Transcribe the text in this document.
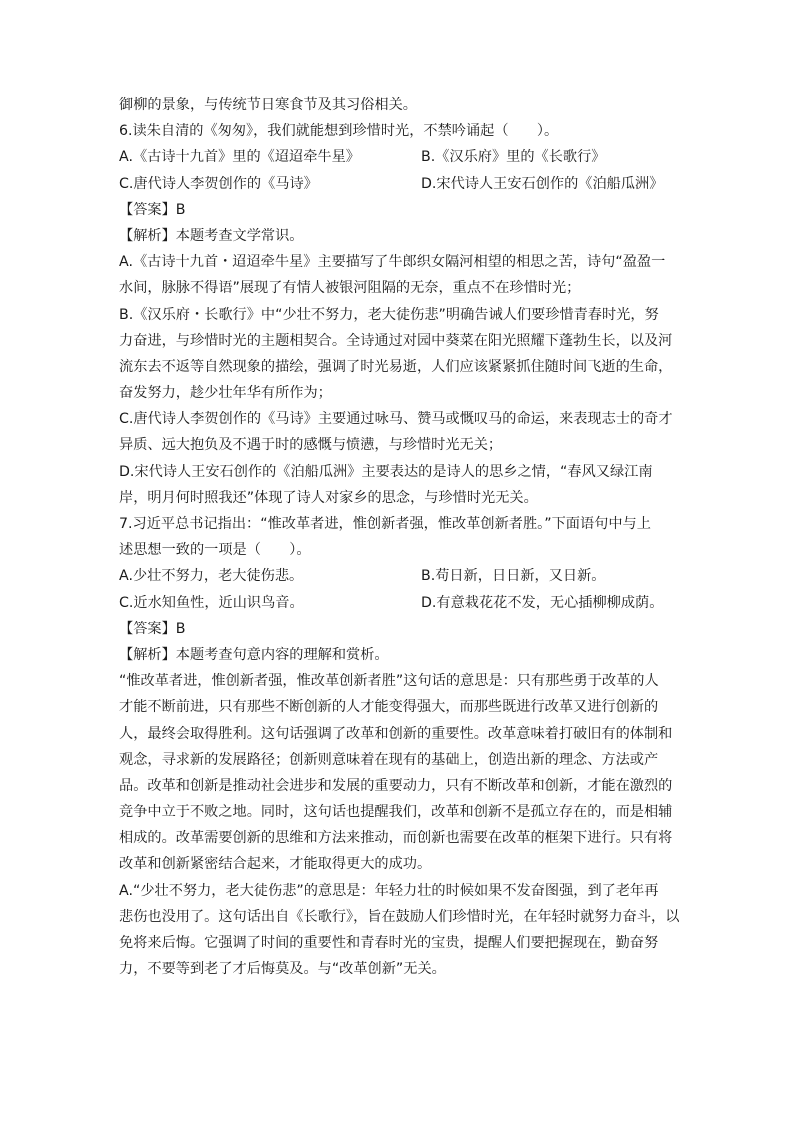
御柳的景象，与传统节日寒食节及其习俗相关。
6.读朱自清的《匆匆》，我们就能想到珍惜时光，不禁吟诵起（　　）。
A.《古诗十九首》里的《迢迢牵牛星》	B.《汉乐府》里的《长歌行》
C.唐代诗人李贺创作的《马诗》	D.宋代诗人王安石创作的《泊船瓜洲》
【答案】B
【解析】本题考查文学常识。
A.《古诗十九首・迢迢牵牛星》主要描写了牛郎织女隔河相望的相思之苦，诗句“盈盈一
水间，脉脉不得语”展现了有情人被银河阻隔的无奈，重点不在珍惜时光；
B.《汉乐府・长歌行》中“少壮不努力，老大徒伤悲”明确告诫人们要珍惜青春时光，努
力奋进，与珍惜时光的主题相契合。全诗通过对园中葵菜在阳光照耀下蓬勃生长，以及河
流东去不返等自然现象的描绘，强调了时光易逝，人们应该紧紧抓住随时间飞逝的生命，
奋发努力，趁少壮年华有所作为；
C.唐代诗人李贺创作的《马诗》主要通过咏马、赞马或慨叹马的命运，来表现志士的奇才
异质、远大抱负及不遇于时的感慨与愤懑，与珍惜时光无关；
D.宋代诗人王安石创作的《泊船瓜洲》主要表达的是诗人的思乡之情，“春风又绿江南
岸，明月何时照我还”体现了诗人对家乡的思念，与珍惜时光无关。
7.习近平总书记指出：“惟改革者进，惟创新者强，惟改革创新者胜。”下面语句中与上
述思想一致的一项是（　　）。
A.少壮不努力，老大徒伤悲。	B.苟日新，日日新，又日新。
C.近水知鱼性，近山识鸟音。	D.有意栽花花不发，无心插柳柳成荫。
【答案】B
【解析】本题考查句意内容的理解和赏析。
“惟改革者进，惟创新者强，惟改革创新者胜”这句话的意思是：只有那些勇于改革的人
才能不断前进，只有那些不断创新的人才能变得强大，而那些既进行改革又进行创新的
人，最终会取得胜利。这句话强调了改革和创新的重要性。改革意味着打破旧有的体制和
观念，寻求新的发展路径；创新则意味着在现有的基础上，创造出新的理念、方法或产
品。改革和创新是推动社会进步和发展的重要动力，只有不断改革和创新，才能在激烈的
竞争中立于不败之地。同时，这句话也提醒我们，改革和创新不是孤立存在的，而是相辅
相成的。改革需要创新的思维和方法来推动，而创新也需要在改革的框架下进行。只有将
改革和创新紧密结合起来，才能取得更大的成功。
A.“少壮不努力，老大徒伤悲”的意思是：年轻力壮的时候如果不发奋图强，到了老年再
悲伤也没用了。这句话出自《长歌行》，旨在鼓励人们珍惜时光，在年轻时就努力奋斗，以
免将来后悔。它强调了时间的重要性和青春时光的宝贵，提醒人们要把握现在，勤奋努
力，不要等到老了才后悔莫及。与“改革创新”无关。
